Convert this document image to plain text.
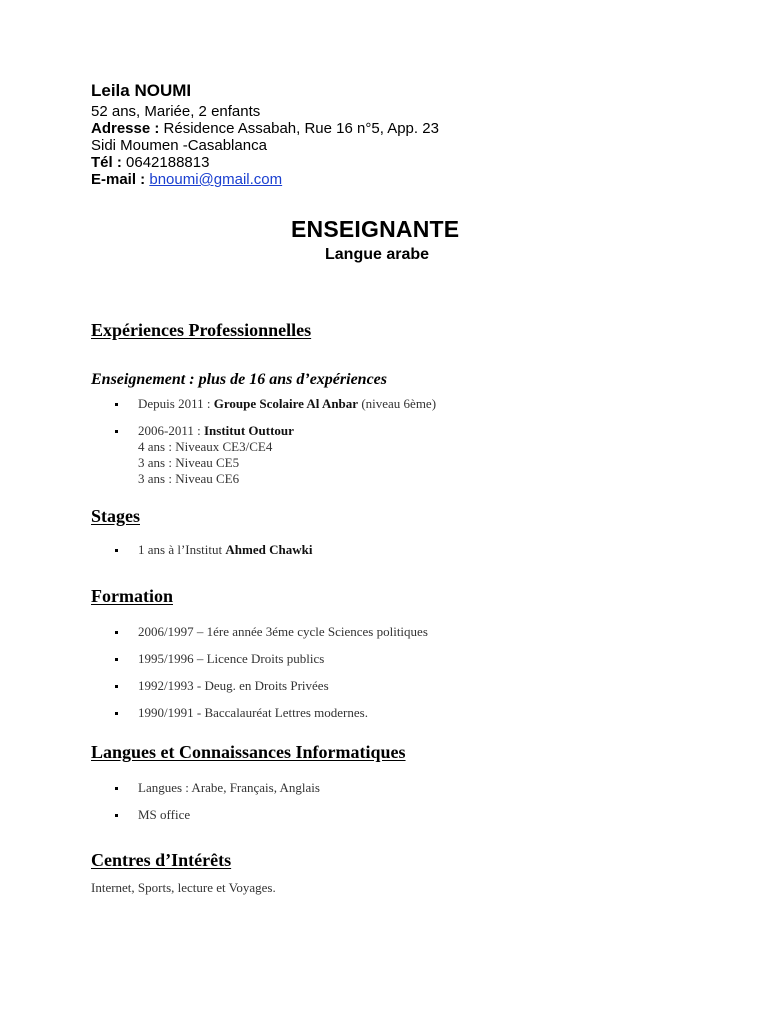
Leila NOUMI
52 ans, Mariée, 2 enfants
Adresse : Résidence Assabah, Rue 16 n°5, App. 23
Sidi Moumen -Casablanca
Tél : 0642188813
E-mail : bnoumi@gmail.com
ENSEIGNANTE
Langue arabe
Expériences Professionnelles
Enseignement : plus de 16 ans d’expériences
Depuis 2011 : Groupe Scolaire Al Anbar (niveau 6ème)
2006-2011 : Institut Outtour
4 ans : Niveaux CE3/CE4
3 ans : Niveau CE5
3 ans : Niveau CE6
Stages
1 ans à l’Institut Ahmed Chawki
Formation
2006/1997 – 1ére année 3éme cycle Sciences politiques
1995/1996 – Licence Droits publics
1992/1993 - Deug. en Droits Privées
1990/1991 - Baccalauréat Lettres modernes.
Langues et Connaissances Informatiques
Langues : Arabe, Français, Anglais
MS office
Centres d’Intérêts
Internet, Sports, lecture et Voyages.
